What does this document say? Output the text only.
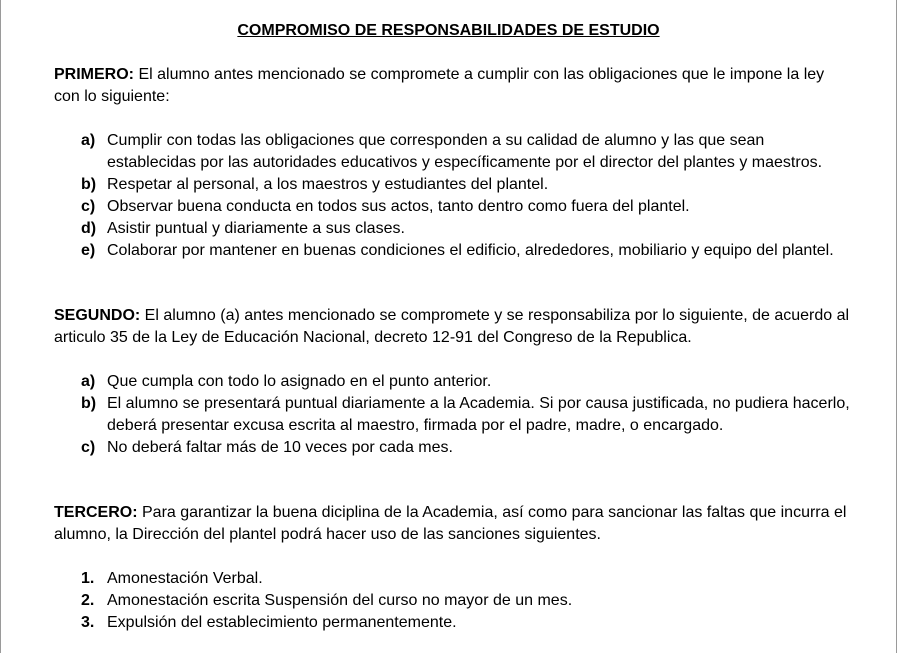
COMPROMISO DE RESPONSABILIDADES DE ESTUDIO
PRIMERO: El alumno antes mencionado se compromete a cumplir con las obligaciones que le impone la ley con lo siguiente:
a) Cumplir con todas las obligaciones que corresponden a su calidad de alumno y las que sean establecidas por las autoridades educativos y específicamente por el director del plantes y maestros.
b) Respetar al personal, a los maestros y estudiantes del plantel.
c) Observar buena conducta en todos sus actos, tanto dentro como fuera del plantel.
d) Asistir puntual y diariamente a sus clases.
e) Colaborar por mantener en buenas condiciones el edificio, alrededores, mobiliario y equipo del plantel.
SEGUNDO: El alumno (a) antes mencionado se compromete y se responsabiliza por lo siguiente, de acuerdo al articulo 35 de la Ley de Educación Nacional, decreto 12-91 del Congreso de la Republica.
a) Que cumpla con todo lo asignado en el punto anterior.
b) El alumno se presentará puntual diariamente a la Academia. Si por causa justificada, no pudiera hacerlo, deberá presentar excusa escrita al maestro, firmada por el padre, madre, o encargado.
c) No deberá faltar más de 10 veces por cada mes.
TERCERO: Para garantizar la buena diciplina de la Academia, así como para sancionar las faltas que incurra el alumno, la Dirección del plantel podrá hacer uso de las sanciones siguientes.
1. Amonestación Verbal.
2. Amonestación escrita Suspensión del curso no mayor de un mes.
3. Expulsión del establecimiento permanentemente.
